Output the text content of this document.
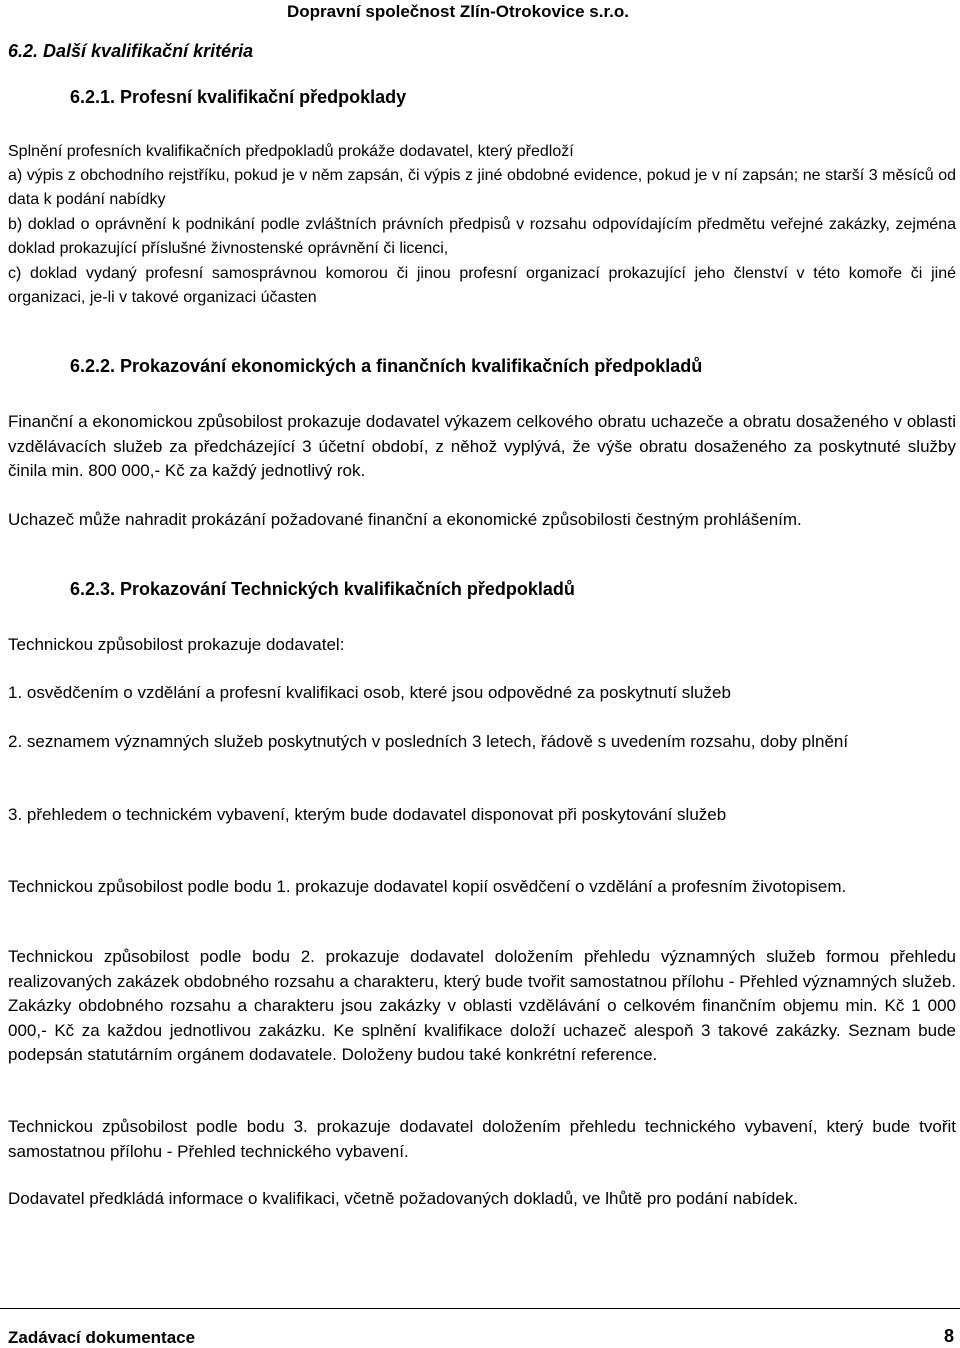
Dopravní společnost Zlín-Otrokovice s.r.o.
6.2. Další kvalifikační kritéria
6.2.1. Profesní kvalifikační předpoklady

Splnění profesních kvalifikačních předpokladů prokáže dodavatel, který předloží

a) výpis z obchodního rejstříku, pokud je v něm zapsán, či výpis z jiné obdobné evidence, pokud je v ní zapsán; ne starší 3 měsíců od data k podání nabídky

b) doklad o oprávnění k podnikání podle zvláštních právních předpisů v rozsahu odpovídajícím předmětu veřejné zakázky, zejména doklad prokazující příslušné živnostenské oprávnění či licenci,

c) doklad vydaný profesní samosprávnou komorou či jinou profesní organizací prokazující jeho členství v této komoře či jiné organizaci, je-li v takové organizaci účasten

6.2.2. Prokazování ekonomických a finančních kvalifikačních předpokladů

Finanční a ekonomickou způsobilost prokazuje dodavatel výkazem celkového obratu uchazeče a obratu dosaženého v oblasti vzdělávacích služeb za předcházející 3 účetní období, z něhož vyplývá, že výše obratu dosaženého za poskytnuté služby činila min. 800 000,- Kč za každý jednotlivý rok.

Uchazeč může nahradit prokázání požadované finanční a ekonomické způsobilosti čestným prohlášením.

6.2.3. Prokazování Technických kvalifikačních předpokladů

Technickou způsobilost prokazuje dodavatel:

1. osvědčením o vzdělání a profesní kvalifikaci osob, které jsou odpovědné za poskytnutí služeb

2. seznamem významných služeb poskytnutých v posledních 3 letech, řádově s uvedením rozsahu, doby plnění

3. přehledem o technickém vybavení, kterým bude dodavatel disponovat při poskytování služeb

Technickou způsobilost podle bodu 1. prokazuje dodavatel kopií osvědčení o vzdělání a profesním životopisem.

Technickou způsobilost podle bodu 2. prokazuje dodavatel doložením přehledu významných služeb formou přehledu realizovaných zakázek obdobného rozsahu a charakteru, který bude tvořit samostatnou přílohu - Přehled významných služeb. Zakázky obdobného rozsahu a charakteru jsou zakázky v oblasti vzdělávání o celkovém finančním objemu min. Kč 1 000 000,- Kč za každou jednotlivou zakázku. Ke splnění kvalifikace doloží uchazeč alespoň 3 takové zakázky. Seznam bude podepsán statutárním orgánem dodavatele. Doloženy budou také konkrétní reference.

Technickou způsobilost podle bodu 3. prokazuje dodavatel doložením přehledu technického vybavení, který bude tvořit samostatnou přílohu - Přehled technického vybavení.

Dodavatel předkládá informace o kvalifikaci, včetně požadovaných dokladů, ve lhůtě pro podání nabídek.

Zadávací dokumentace	8
